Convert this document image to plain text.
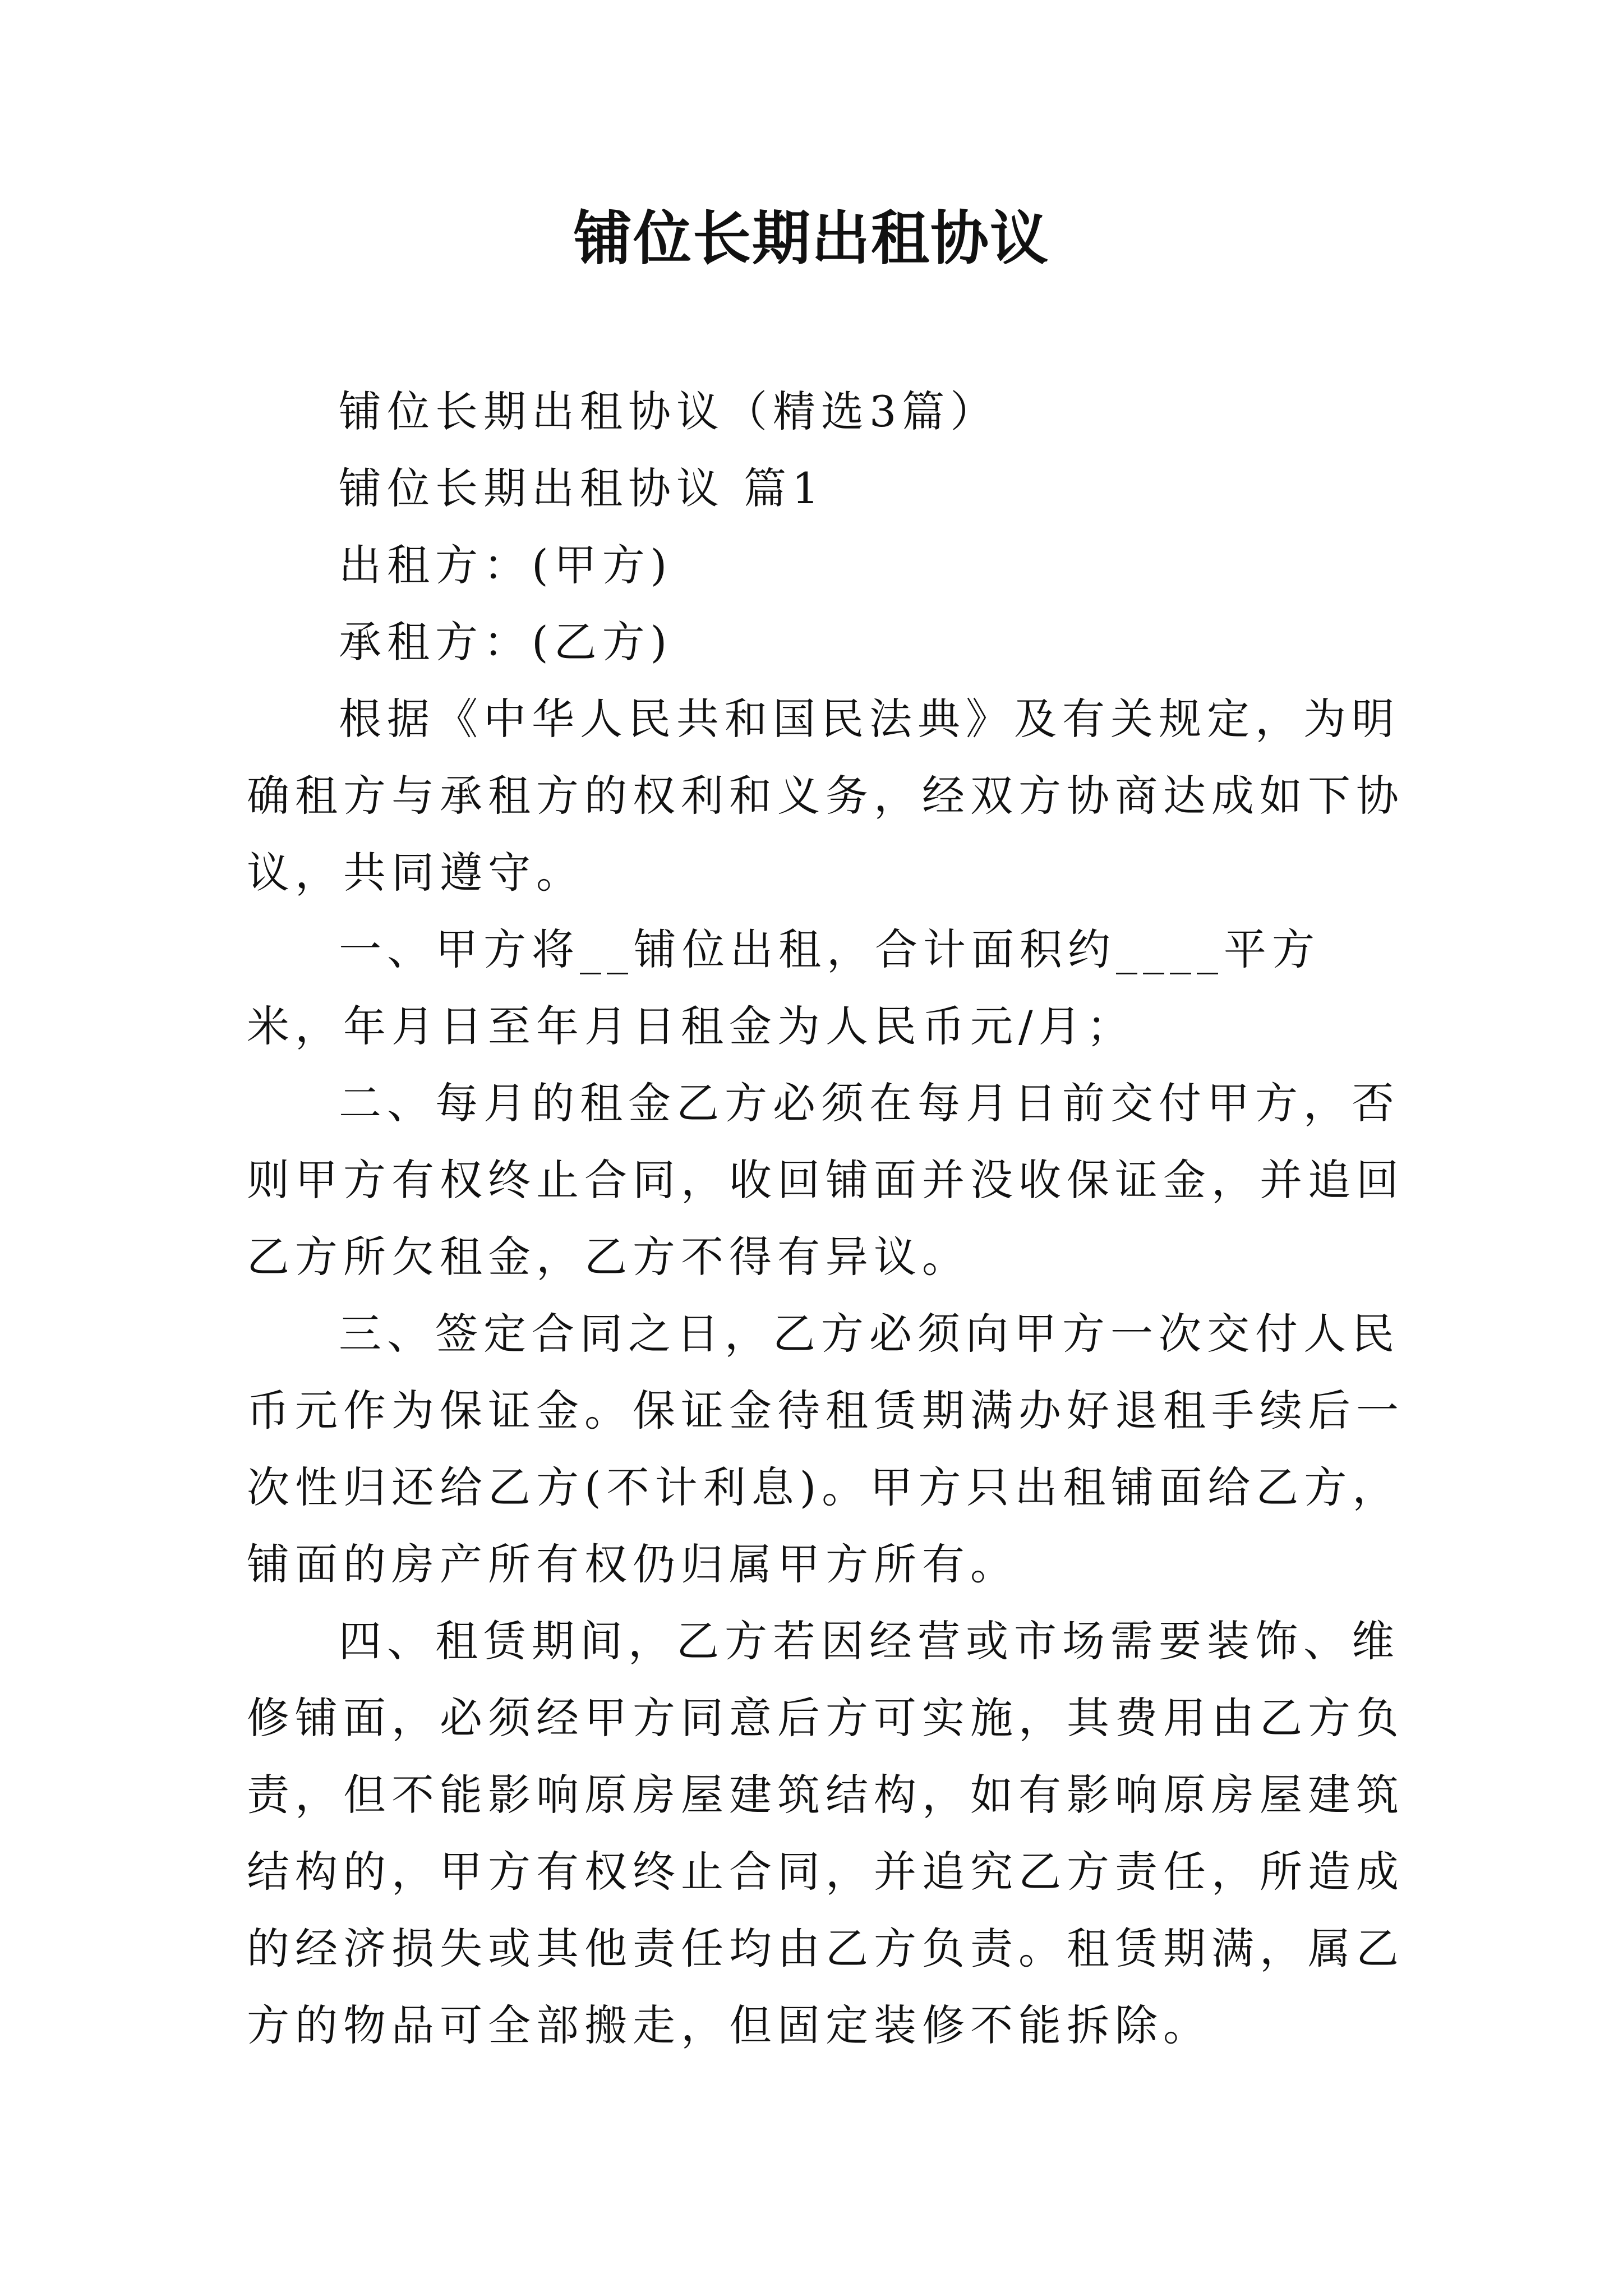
铺位长期出租协议

铺位长期出租协议（精选3篇）

铺位长期出租协议 篇1

出租方：(甲方)

承租方：(乙方)

根据《中华人民共和国民法典》及有关规定，为明确租方与承租方的权利和义务，经双方协商达成如下协议，共同遵守。

一、甲方将__铺位出租，合计面积约____平方米，年月日至年月日租金为人民币元/月；

二、每月的租金乙方必须在每月日前交付甲方，否则甲方有权终止合同，收回铺面并没收保证金，并追回乙方所欠租金，乙方不得有异议。

三、签定合同之日，乙方必须向甲方一次交付人民币元作为保证金。保证金待租赁期满办好退租手续后一次性归还给乙方(不计利息)。甲方只出租铺面给乙方，铺面的房产所有权仍归属甲方所有。

四、租赁期间，乙方若因经营或市场需要装饰、维修铺面，必须经甲方同意后方可实施，其费用由乙方负责，但不能影响原房屋建筑结构，如有影响原房屋建筑结构的，甲方有权终止合同，并追究乙方责任，所造成的经济损失或其他责任均由乙方负责。租赁期满，属乙方的物品可全部搬走，但固定装修不能拆除。
